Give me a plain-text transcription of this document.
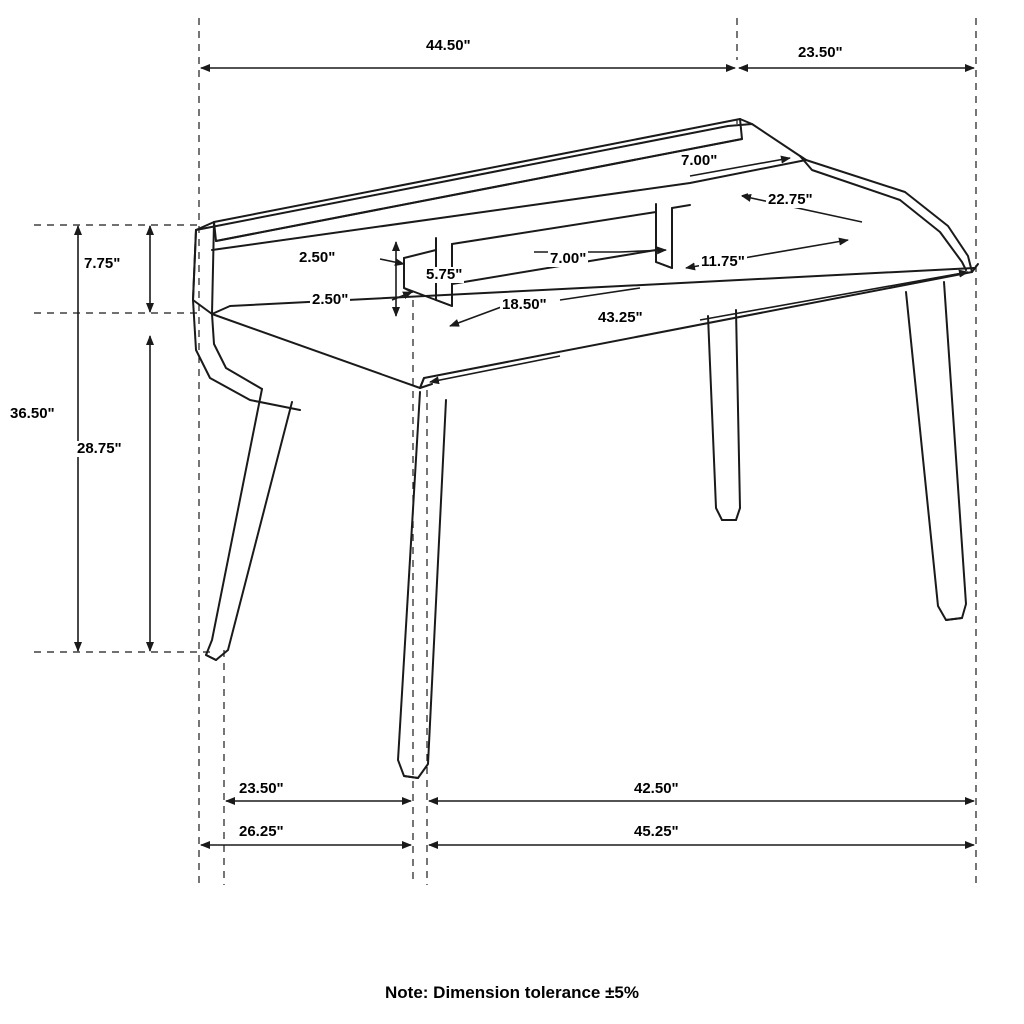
44.50"	23.50"
7.00"
22.75"
2.50"	7.00"	11.75"
5.75"
2.50"	18.50"
43.25"
7.75"
36.50"
28.75"
23.50"	42.50"
26.25"	45.25"
Note: Dimension tolerance ±5%
